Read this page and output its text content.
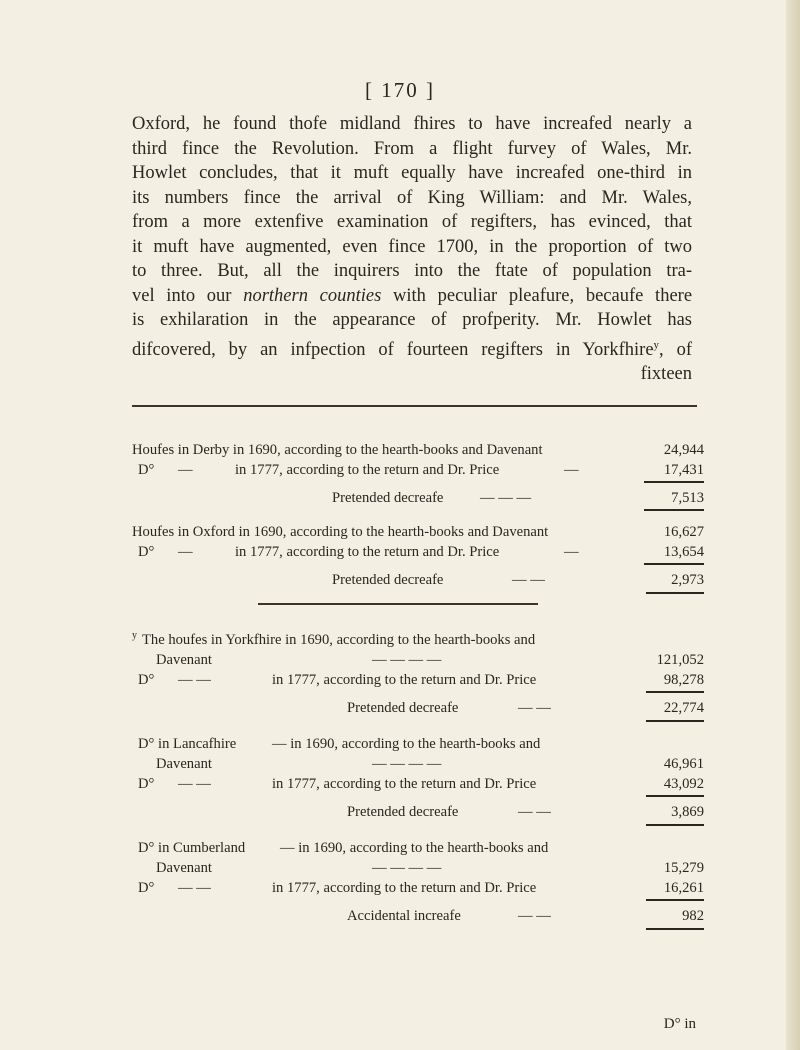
[ 170 ]
Oxford, he found thofe midland fhires to have increafed nearly a
third fince the Revolution. From a flight furvey of Wales, Mr.
Howlet concludes, that it muft equally have increafed one-third in
its numbers fince the arrival of King William: and Mr. Wales,
from a more extenfive examination of regifters, has evinced, that
it muft have augmented, even fince 1700, in the proportion of two
to three. But, all the inquirers into the ftate of population tra-
vel into our northern counties with peculiar pleafure, becaufe there
is exhilaration in the appearance of profperity. Mr. Howlet has
difcovered, by an infpection of fourteen regifters in Yorkfhire$^y$, of
fixteen
Houfes in Derby in 1690, according to the hearth-books and Davenant	24,944
D° —	in 1777, according to the return and Dr. Price	—	17,431
Pretended decreafe	— — —	7,513
Houfes in Oxford in 1690, according to the hearth-books and Davenant	16,627
D° —	in 1777, according to the return and Dr. Price	—	13,654
Pretended decreafe	— —	2,973
y The houfes in Yorkfhire in 1690, according to the hearth-books and
Davenant	— — — —	121,052
D° — —	in 1777, according to the return and Dr. Price	98,278
Pretended decreafe	— —	22,774
D° in Lancafhire — in 1690, according to the hearth-books and
Davenant	— — — —	46,961
D° — —	in 1777, according to the return and Dr. Price	43,092
Pretended decreafe	— —	3,869
D° in Cumberland — in 1690, according to the hearth-books and
Davenant	— — — —	15,279
D° — —	in 1777, according to the return and Dr. Price	16,261
Accidental increafe	— —	982
D° in
